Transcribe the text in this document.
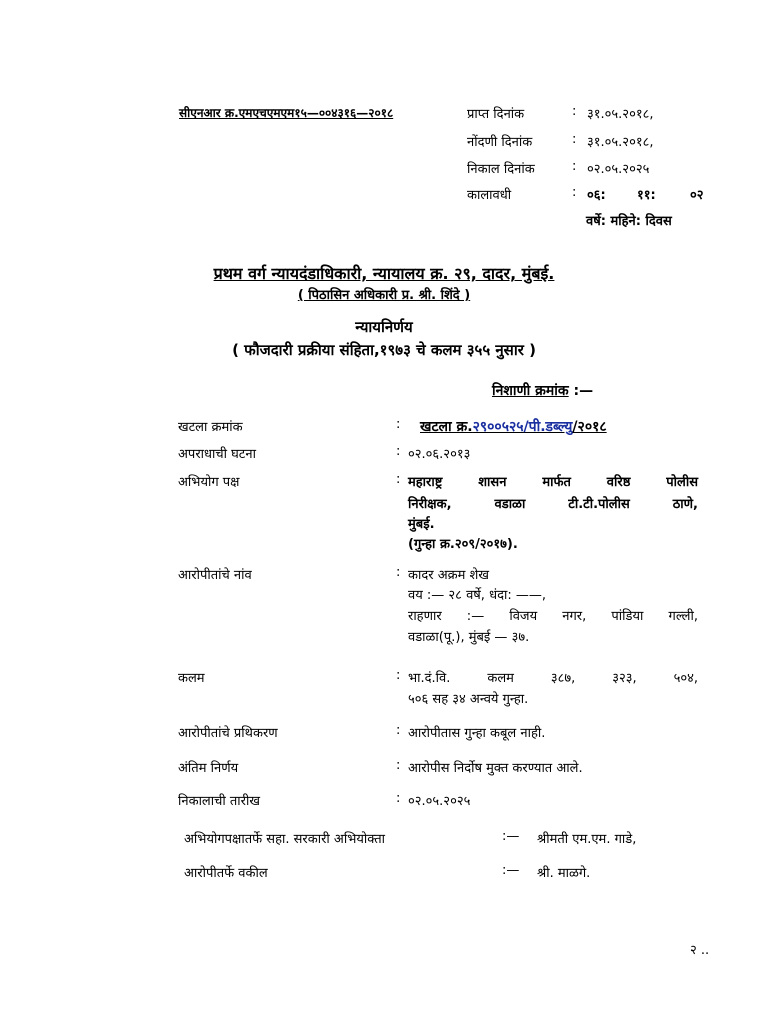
सीएनआर क्र.एमएचएमएम१५—००४३१६—२०१८	प्राप्त दिनांक	: ३१.०५.२०१८,
नोंदणी दिनांक	: ३१.०५.२०१८,
निकाल दिनांक	: ०२.०५.२०२५
कालावधी	: ०६: ११:	०२
वर्षे: महिने: दिवस
प्रथम वर्ग न्यायदंडाधिकारी, न्यायालय क्र. २९, दादर, मुंबई.
( पिठासिन अधिकारी प्र. श्री. शिंदे )
न्यायनिर्णय
( फौजदारी प्रक्रीया संहिता,१९७३ चे कलम ३५५ नुसार )
निशाणी क्रमांक :—
खटला क्रमांक	: खटला क्र.२९००५२५/पी.डब्ल्यु/२०१८
अपराधाची घटना	: ०२.०६.२०१३
अभियोग पक्ष	: महाराष्ट्र शासन मार्फत वरिष्ठ पोलीस
निरीक्षक, वडाळा टी.टी.पोलीस ठाणे,
मुंबई.
(गुन्हा क्र.२०९/२०१७).
आरोपीतांचे नांव	: कादर अक्रम शेख
वय :— २८ वर्षे, धंदा: ——,
राहणार :— विजय नगर, पांडिया गल्ली,
वडाळा(पू.), मुंबई — ३७.
कलम	: भा.दं.वि. कलम ३८७, ३२३, ५०४,
५०६ सह ३४ अन्वये गुन्हा.
आरोपीतांचे प्रथिकरण	: आरोपीतास गुन्हा कबूल नाही.
अंतिम निर्णय	: आरोपीस निर्दोष मुक्त करण्यात आले.
निकालाची तारीख	: ०२.०५.२०२५
अभियोगपक्षातर्फे सहा. सरकारी अभियोक्ता	:— श्रीमती एम.एम. गाडे,
आरोपीतर्फे वकील	:— श्री. माळगे.
२ ..
